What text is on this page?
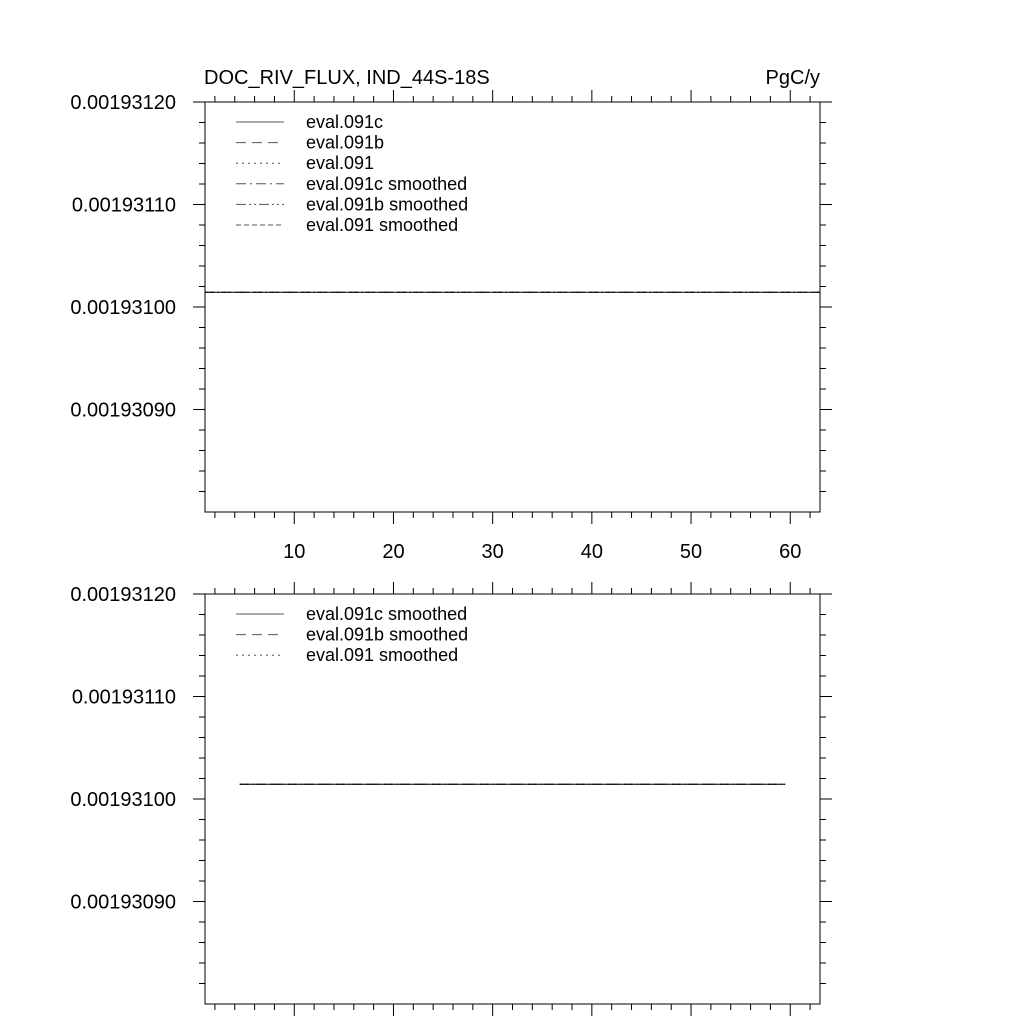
DOC_RIV_FLUX, IND_44S-18S	PgC/y
10	20	30	40	50	60
0.00193120
0.00193110
0.00193100
0.00193090
eval.091c
eval.091b
eval.091
eval.091c smoothed
eval.091b smoothed
eval.091 smoothed
0.00193120
0.00193110
0.00193100
0.00193090
eval.091c smoothed
eval.091b smoothed
eval.091 smoothed
